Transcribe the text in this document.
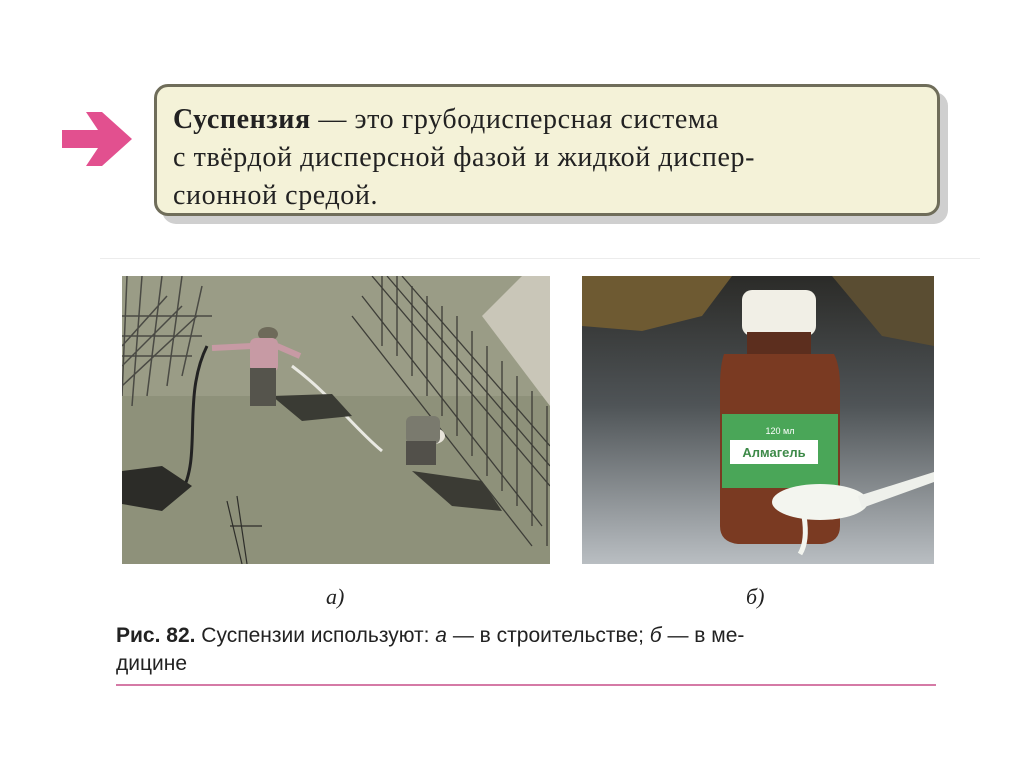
Суспензия — это грубодисперсная система

с твёрдой дисперсной фазой и жидкой диспер-

сионной средой.

120 мл
Алмагель
а)	б)
Рис. 82. Суспензии используют: а — в строительстве; б — в ме-
дицине
